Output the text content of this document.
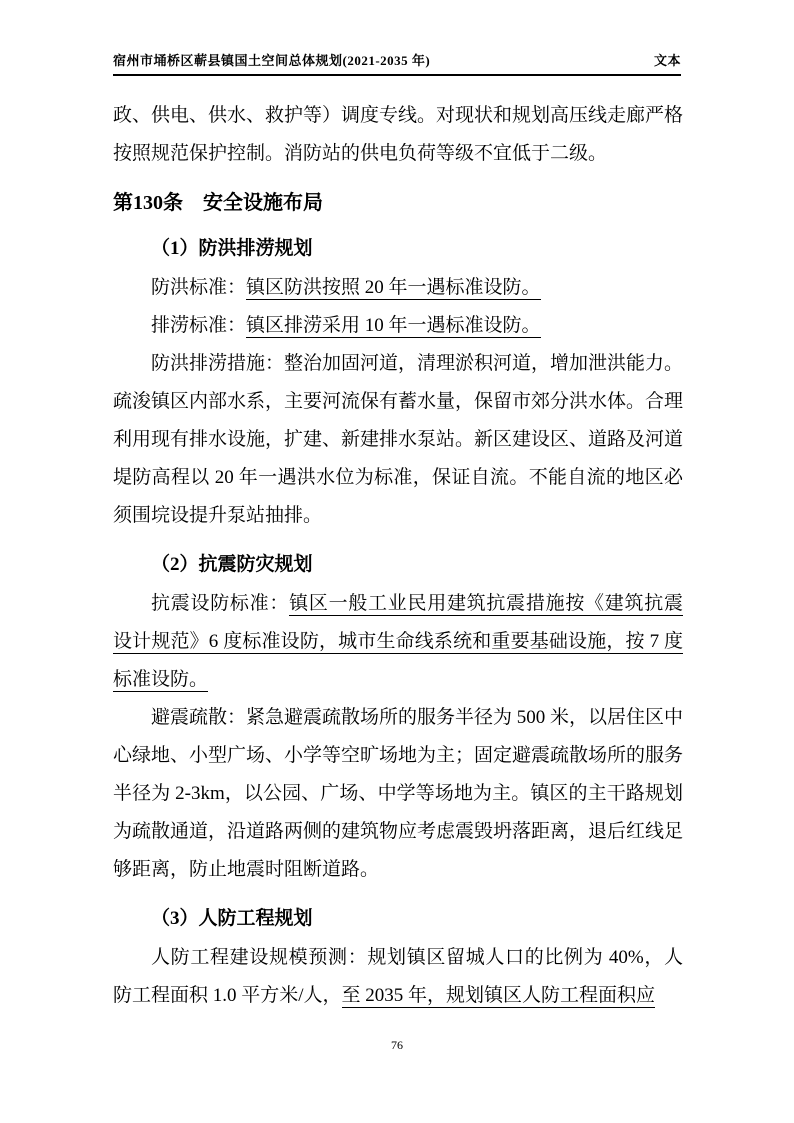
宿州市埇桥区蕲县镇国土空间总体规划(2021-2035 年)	文本

政、供电、供水、救护等）调度专线。对现状和规划高压线走廊严格按照规范保护控制。消防站的供电负荷等级不宜低于二级。

第130条　安全设施布局
（1）防洪排涝规划

防洪标准：镇区防洪按照 20 年一遇标准设防。

排涝标准：镇区排涝采用 10 年一遇标准设防。

防洪排涝措施：整治加固河道，清理淤积河道，增加泄洪能力。疏浚镇区内部水系，主要河流保有蓄水量，保留市郊分洪水体。合理利用现有排水设施，扩建、新建排水泵站。新区建设区、道路及河道堤防高程以 20 年一遇洪水位为标准，保证自流。不能自流的地区必须围垸设提升泵站抽排。

（2）抗震防灾规划

抗震设防标准：镇区一般工业民用建筑抗震措施按《建筑抗震设计规范》6 度标准设防，城市生命线系统和重要基础设施，按 7 度标准设防。

避震疏散：紧急避震疏散场所的服务半径为 500 米，以居住区中心绿地、小型广场、小学等空旷场地为主；固定避震疏散场所的服务半径为 2-3km，以公园、广场、中学等场地为主。镇区的主干路规划为疏散通道，沿道路两侧的建筑物应考虑震毁坍落距离，退后红线足够距离，防止地震时阻断道路。

（3）人防工程规划

人防工程建设规模预测：规划镇区留城人口的比例为 40%，人防工程面积 1.0 平方米/人，至 2035 年，规划镇区人防工程面积应

76
